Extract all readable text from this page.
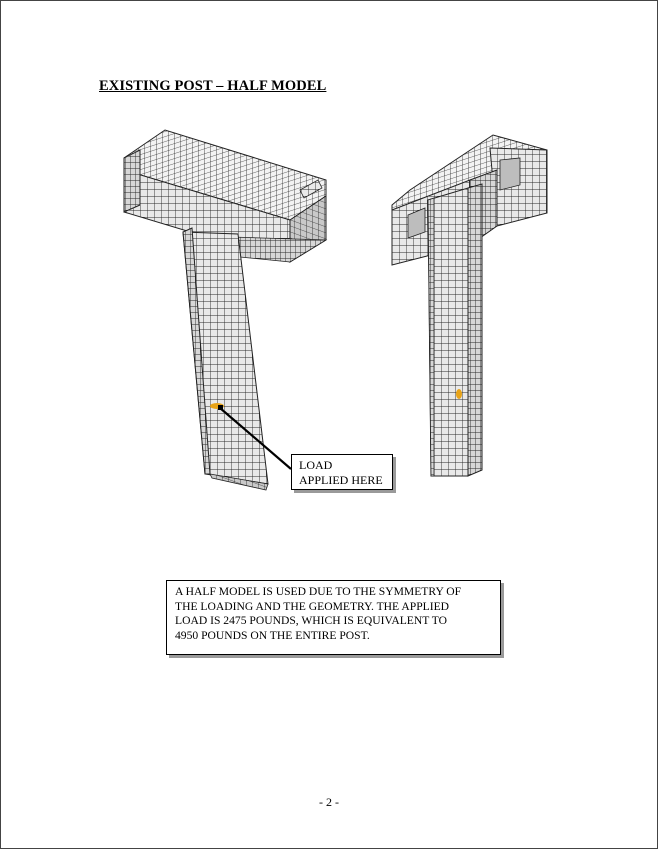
EXISTING POST – HALF MODEL
LOAD
APPLIED HERE
A HALF MODEL IS USED DUE TO THE SYMMETRY OF
THE LOADING AND THE GEOMETRY. THE APPLIED
LOAD IS 2475 POUNDS, WHICH IS EQUIVALENT TO
4950 POUNDS ON THE ENTIRE POST.
- 2 -
